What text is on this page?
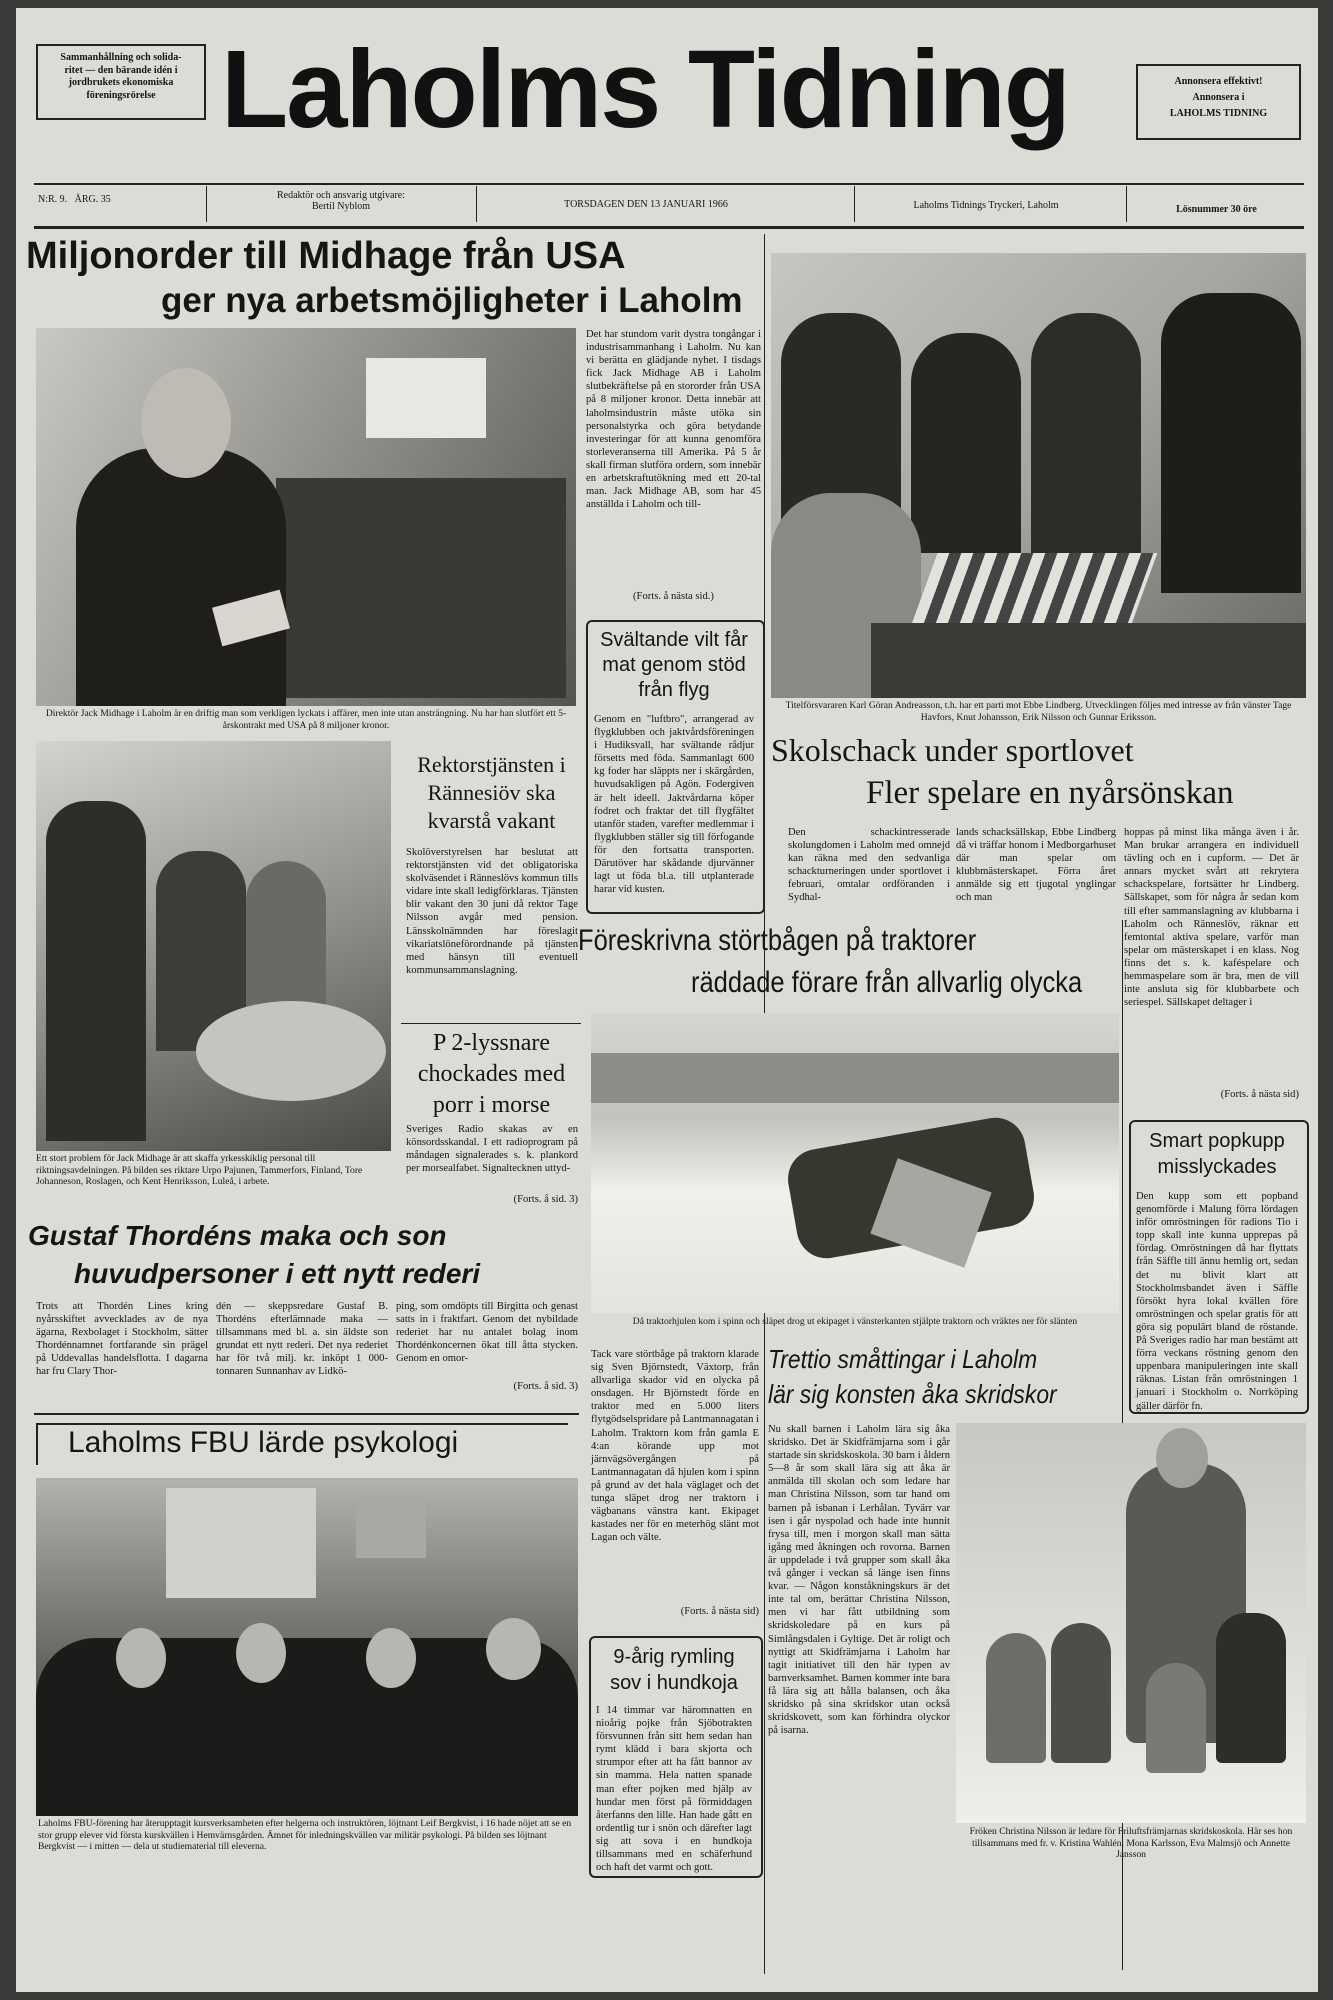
Sammanhållning och solida-
ritet — den bärande idén i
jordbrukets ekonomiska
föreningsrörelse Laholms Tidning	Annonsera effektivt!
Annonsera i
LAHOLMS TIDNING
N:R. 9.   ÅRG. 35	Redaktör och ansvarig utgivare:
Bertil Nyblom	TORSDAGEN DEN 13 JANUARI 1966	Laholms Tidnings Tryckeri, Laholm	Lösnummer 30 öre
Miljonorder till Midhage från USA
ger nya arbetsmöjligheter i Laholm
Direktör Jack Midhage i Laholm är en driftig man som verkligen lyckats i affärer, men inte utan ansträngning. Nu har han slutfört ett 5-årskontrakt med USA på 8 miljoner kronor.
Det har stundom varit dystra tongångar i industrisammanhang i Laholm. Nu kan vi berätta en glädjande nyhet. I tisdags fick Jack Midhage AB i Laholm slutbekräftelse på en stororder från USA på 8 miljoner kronor. Detta innebär att laholmsindustrin måste utöka sin personalstyrka och göra betydande investeringar för att kunna genomföra storleveranserna till Amerika. På 5 år skall firman slutföra ordern, som innebär en arbetskraftutökning med ett 20-tal man. Jack Midhage AB, som har 45 anställda i Laholm och till-
(Forts. å nästa sid.)
Ett stort problem för Jack Midhage är att skaffa yrkesskiklig personal till riktningsavdelningen. På bilden ses riktare Urpo Pajunen, Tammerfors, Finland, Tore Johanneson, Roslagen, och Kent Henriksson, Luleå, i arbete.
Rektorstjänsten i Rännesiöv ska kvarstå vakant
Skolöverstyrelsen har beslutat att rektorstjänsten vid det obligatoriska skolväsendet i Ränneslövs kommun tills vidare inte skall ledigförklaras. Tjänsten blir vakant den 30 juni då rektor Tage Nilsson avgår med pension. Länsskolnämnden har föreslagit vikariatslöneförordnande på tjänsten med hänsyn till eventuell kommunsammanslagning.
P 2-lyssnare chockades med porr i morse
Sveriges Radio skakas av en könsordsskandal. I ett radioprogram på måndagen signalerades s. k. plankord per morsealfabet. Signaltecknen uttyd-
(Forts. å sid. 3)
Svältande vilt får mat genom stöd från flyg
Genom en "luftbro", arrangerad av flygklubben och jaktvårdsföreningen i Hudiksvall, har svältande rådjur försetts med föda. Sammanlagt 600 kg foder har släppts ner i skärgården, huvudsakligen på Agön. Fodergiven är helt ideell. Jaktvårdarna köper fodret och fraktar det till flygfältet utanför staden, varefter medlemmar i flygklubben ställer sig till förfogande för den fortsatta transporten. Därutöver har skådande djurvänner lagt ut föda bl.a. till utplanterade harar vid kusten.
Titelförsvararen Karl Göran Andreasson, t.h. har ett parti mot Ebbe Lindberg. Utvecklingen följes med intresse av från vänster Tage Havfors, Knut Johansson, Erik Nilsson och Gunnar Eriksson.
Skolschack under sportlovet
Fler spelare en nyårsönskan
Den schackintresserade skolungdomen i Laholm med omnejd kan räkna med den sedvanliga schackturneringen under sportlovet i februari, omtalar ordföranden i Sydhal-
lands schacksällskap, Ebbe Lindberg då vi träffar honom i Medborgarhuset där man spelar om klubbmästerskapet. Förra året anmälde sig ett tjugotal ynglingar och man
hoppas på minst lika många även i år. Man brukar arrangera en individuell tävling och en i cupform. — Det är annars mycket svårt att rekrytera schackspelare, fortsätter hr Lindberg. Sällskapet, som för några år sedan kom till efter sammanslagning av klubbarna i Laholm och Ränneslöv, räknar ett femtontal aktiva spelare, varför man spelar om mästerskapet i en klass. Nog finns det s. k. kaféspelare och hemmaspelare som är bra, men de vill inte ansluta sig för klubbarbete och seriespel. Sällskapet deltager i
(Forts. å nästa sid)
Föreskrivna störtbågen på traktorer
räddade förare från allvarlig olycka
Då traktorhjulen kom i spinn och släpet drog ut ekipaget i vänsterkanten stjälpte traktorn och vräktes ner för slänten
Tack vare störtbåge på traktorn klarade sig Sven Björnstedt, Växtorp, från allvarliga skador vid en olycka på onsdagen. Hr Björnstedt förde en traktor med en 5.000 liters flytgödselspridare på Lantmannagatan i Laholm. Traktorn kom från gamla E 4:an körande upp mot järnvägsövergången på Lantmannagatan då hjulen kom i spinn på grund av det hala väglaget och det tunga släpet drog ner traktorn i vägbanans vänstra kant. Ekipaget kastades ner för en meterhög slänt mot Lagan och välte.
(Forts. å nästa sid)
Smart popkupp misslyckades
Den kupp som ett popband genomförde i Malung förra lördagen inför omröstningen för radions Tio i topp skall inte kunna upprepas på fördag. Omröstningen då har flyttats från Säffle till ännu hemlig ort, sedan det nu blivit klart att Stockholmsbandet även i Säffle försökt hyra lokal kvällen före omröstningen och spelar gratis för att göra sig populärt bland de röstande. På Sveriges radio har man bestämt att förra veckans röstning genom den uppenbara manipuleringen inte skall räknas. Listan från omröstningen 1 januari i Stockholm o. Norrköping gäller därför fn.
Gustaf Thordéns maka och son
huvudpersoner i ett nytt rederi
Trots att Thordén Lines kring nyårsskiftet avvecklades av de nya ägarna, Rexbolaget i Stockholm, sätter Thordénnamnet fortfarande sin prägel på Uddevallas handelsflotta. I dagarna har fru Clary Thor-
dén — skeppsredare Gustaf B. Thordéns efterlämnade maka — tillsammans med bl. a. sin äldste son grundat ett nytt rederi. Det nya rederiet har för två milj. kr. inköpt 1 000-tonnaren Sunnanhav av Lidkö-
ping, som omdöpts till Birgitta och genast satts in i fraktfart. Genom det nybildade rederiet har nu antalet bolag inom Thordénkoncernen ökat till åtta stycken. Genom en omor-
(Forts. å sid. 3)
Laholms FBU lärde psykologi
Laholms FBU-förening har återupptagit kursverksamheten efter helgerna och instruktören, löjtnant Leif Bergkvist, i 16 hade nöjet att se en stor grupp elever vid första kurskvällen i Hemvärnsgården. Ämnet för inledningskvällen var militär psykologi. På bilden ses löjtnant Bergkvist — i mitten — dela ut studiematerial till eleverna.
9-årig rymling sov i hundkoja
I 14 timmar var häromnatten en nioårig pojke från Sjöbotrakten försvunnen från sitt hem sedan han rymt klädd i bara skjorta och strumpor efter att ha fått bannor av sin mamma. Hela natten spanade man efter pojken med hjälp av hundar men först på förmiddagen återfanns den lille. Han hade gått en ordentlig tur i snön och därefter lagt sig att sova i en hundkoja tillsammans med en schäferhund och haft det varmt och gott.
Trettio småttingar i Laholm
lär sig konsten åka skridskor
Nu skall barnen i Laholm lära sig åka skridsko. Det är Skidfrämjarna som i går startade sin skridskoskola. 30 barn i åldern 5—8 år som skall lära sig att åka är anmälda till skolan och som ledare har man Christina Nilsson, som tar hand om barnen på isbanan i Lerhålan. Tyvärr var isen i går nyspolad och hade inte hunnit frysa till, men i morgon skall man sätta igång med åkningen och rovorna. Barnen är uppdelade i två grupper som skall åka två gånger i veckan så länge isen finns kvar. — Någon konståkningskurs är det inte tal om, berättar Christina Nilsson, men vi har fått utbildning som skridskoledare på en kurs på Simlångsdalen i Gyltige. Det är roligt och nyttigt att Skidfrämjarna i Laholm har tagit initiativet till den här typen av barnverksamhet. Barnen kommer inte bara få lära sig att hålla balansen, och åka skridsko på sina skridskor utan också skridskovett, som kan förhindra olyckor på isarna.
Fröken Christina Nilsson är ledare för Friluftsfrämjarnas skridskoskola. Här ses hon tillsammans med fr. v. Kristina Wahlén, Mona Karlsson, Eva Malmsjö och Annette Jansson
